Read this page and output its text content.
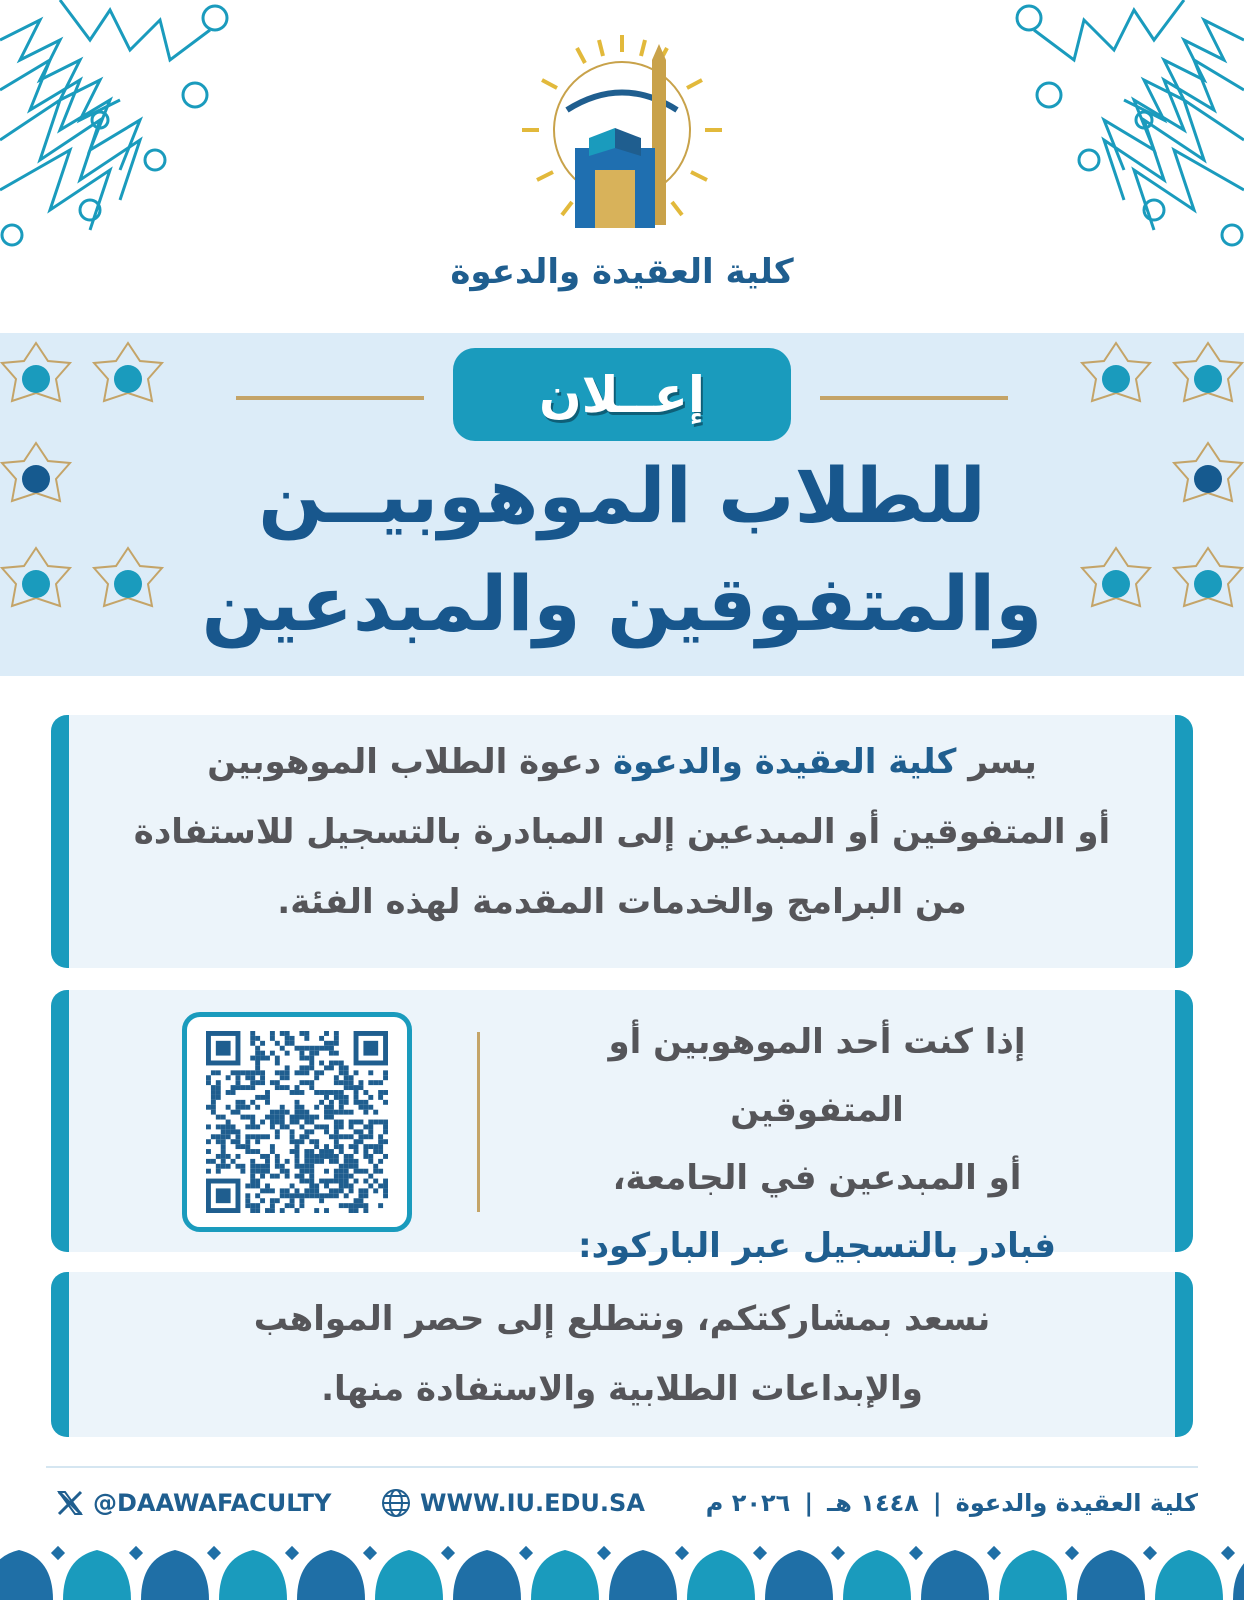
كلية العقيدة والدعوة
إعــلان
للطلاب الموهوبيــن
والمتفوقين والمبدعين
يسر كلية العقيدة والدعوة دعوة الطلاب الموهوبين
أو المتفوقين أو المبدعين إلى المبادرة بالتسجيل للاستفادة
من البرامج والخدمات المقدمة لهذه الفئة.
إذا كنت أحد الموهوبين أو المتفوقين
أو المبدعين في الجامعة،
فبادر بالتسجيل عبر الباركود:
نسعد بمشاركتكم، ونتطلع إلى حصر المواهب
والإبداعات الطلابية والاستفادة منها.
@DAAWAFACULTY	WWW.IU.EDU.SA	كلية العقيدة والدعوة
|
١٤٤٨ هـ
|
٢٠٢٦ م
